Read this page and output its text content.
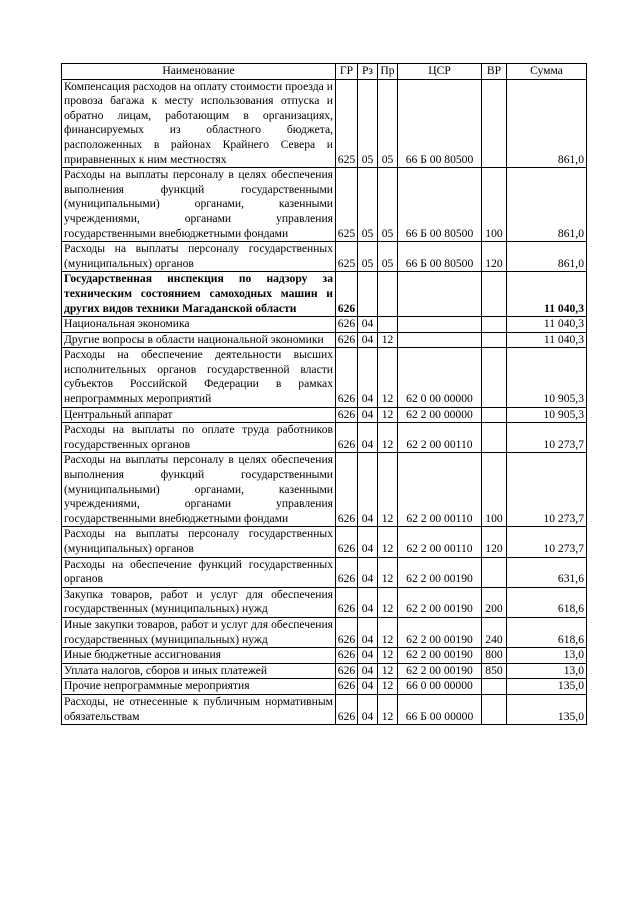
Наименование	ГР	Рз	Пр	ЦСР	ВР	Сумма
Компенсация расходов на оплату стоимости проезда и провоза багажа к месту использования отпуска и обратно лицам, работающим в организациях, финансируемых из областного бюджета, расположенных в районах Крайнего Севера и приравненных к ним местностях	625	05	05	66 Б 00 80500		861,0
Расходы на выплаты персоналу в целях обеспечения выполнения функций государственными (муниципальными) органами, казенными учреждениями, органами управления государственными внебюджетными фондами	625	05	05	66 Б 00 80500	100	861,0
Расходы на выплаты персоналу государственных (муниципальных) органов	625	05	05	66 Б 00 80500	120	861,0
Государственная инспекция по надзору за техническим состоянием самоходных машин и других видов техники Магаданской области	626					11 040,3
Национальная экономика	626	04				11 040,3
Другие вопросы в области национальной экономики	626	04	12			11 040,3
Расходы на обеспечение деятельности высших исполнительных органов государственной власти субъектов Российской Федерации в рамках непрограммных мероприятий	626	04	12	62 0 00 00000		10 905,3
Центральный аппарат	626	04	12	62 2 00 00000		10 905,3
Расходы на выплаты по оплате труда работников государственных органов	626	04	12	62 2 00 00110		10 273,7
Расходы на выплаты персоналу в целях обеспечения выполнения функций государственными (муниципальными) органами, казенными учреждениями, органами управления государственными внебюджетными фондами	626	04	12	62 2 00 00110	100	10 273,7
Расходы на выплаты персоналу государственных (муниципальных) органов	626	04	12	62 2 00 00110	120	10 273,7
Расходы на обеспечение функций государственных органов	626	04	12	62 2 00 00190		631,6
Закупка товаров, работ и услуг для обеспечения государственных (муниципальных) нужд	626	04	12	62 2 00 00190	200	618,6
Иные закупки товаров, работ и услуг для обеспечения государственных (муниципальных) нужд	626	04	12	62 2 00 00190	240	618,6
Иные бюджетные ассигнования	626	04	12	62 2 00 00190	800	13,0
Уплата налогов, сборов и иных платежей	626	04	12	62 2 00 00190	850	13,0
Прочие непрограммные мероприятия	626	04	12	66 0 00 00000		135,0
Расходы, не отнесенные к публичным нормативным обязательствам	626	04	12	66 Б 00 00000		135,0
